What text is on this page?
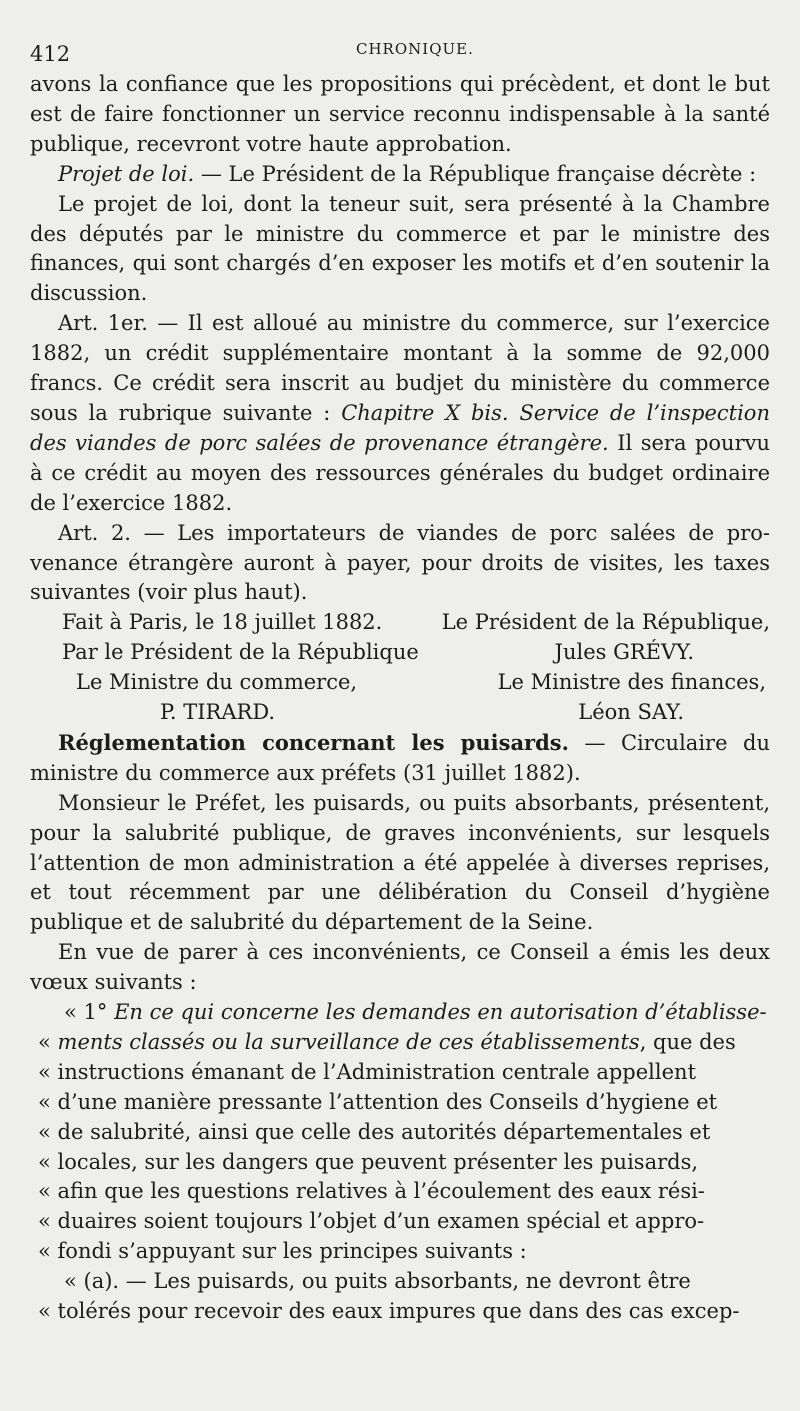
412	CHRONIQUE.

avons la confiance que les propositions qui précèdent, et dont le but est de faire fonctionner un service reconnu indispensable à la santé publique, recevront votre haute approbation.

Projet de loi. — Le Président de la République française décrète :

Le projet de loi, dont la teneur suit, sera présenté à la Chambre des députés par le ministre du commerce et par le ministre des finances, qui sont chargés d’en exposer les motifs et d’en soutenir la discussion.

Art. 1er. — Il est alloué au ministre du commerce, sur l’exercice 1882, un crédit supplémentaire montant à la somme de 92,000 francs. Ce crédit sera inscrit au budjet du ministère du commerce sous la rubrique suivante : Chapitre X bis. Service de l’inspection des viandes de porc salées de provenance étrangère. Il sera pourvu à ce crédit au moyen des ressources générales du budget ordinaire de l’exercice 1882.

Art. 2. — Les importateurs de viandes de porc salées de provenance étrangère auront à payer, pour droits de visites, les taxes suivantes (voir plus haut).

Fait à Paris, le 18 juillet 1882.	Le Président de la République,
Par le Président de la République	Jules GRÉVY.
Le Ministre du commerce,	Le Ministre des finances,
P. TIRARD.	Léon SAY.

Réglementation concernant les puisards. — Circulaire du ministre du commerce aux préfets (31 juillet 1882).

Monsieur le Préfet, les puisards, ou puits absorbants, présentent, pour la salubrité publique, de graves inconvénients, sur lesquels l’attention de mon administration a été appelée à diverses reprises, et tout récemment par une délibération du Conseil d’hygiène publique et de salubrité du département de la Seine.

En vue de parer à ces inconvénients, ce Conseil a émis les deux vœux suivants :

« 1° En ce qui concerne les demandes en autorisation d’établisse-
« ments classés ou la surveillance de ces établissements, que des
« instructions émanant de l’Administration centrale appellent
« d’une manière pressante l’attention des Conseils d’hygiene et
« de salubrité, ainsi que celle des autorités départementales et
« locales, sur les dangers que peuvent présenter les puisards,
« afin que les questions relatives à l’écoulement des eaux rési-
« duaires soient toujours l’objet d’un examen spécial et appro-
« fondi s’appuyant sur les principes suivants :
« (a). — Les puisards, ou puits absorbants, ne devront être
« tolérés pour recevoir des eaux impures que dans des cas excep-
